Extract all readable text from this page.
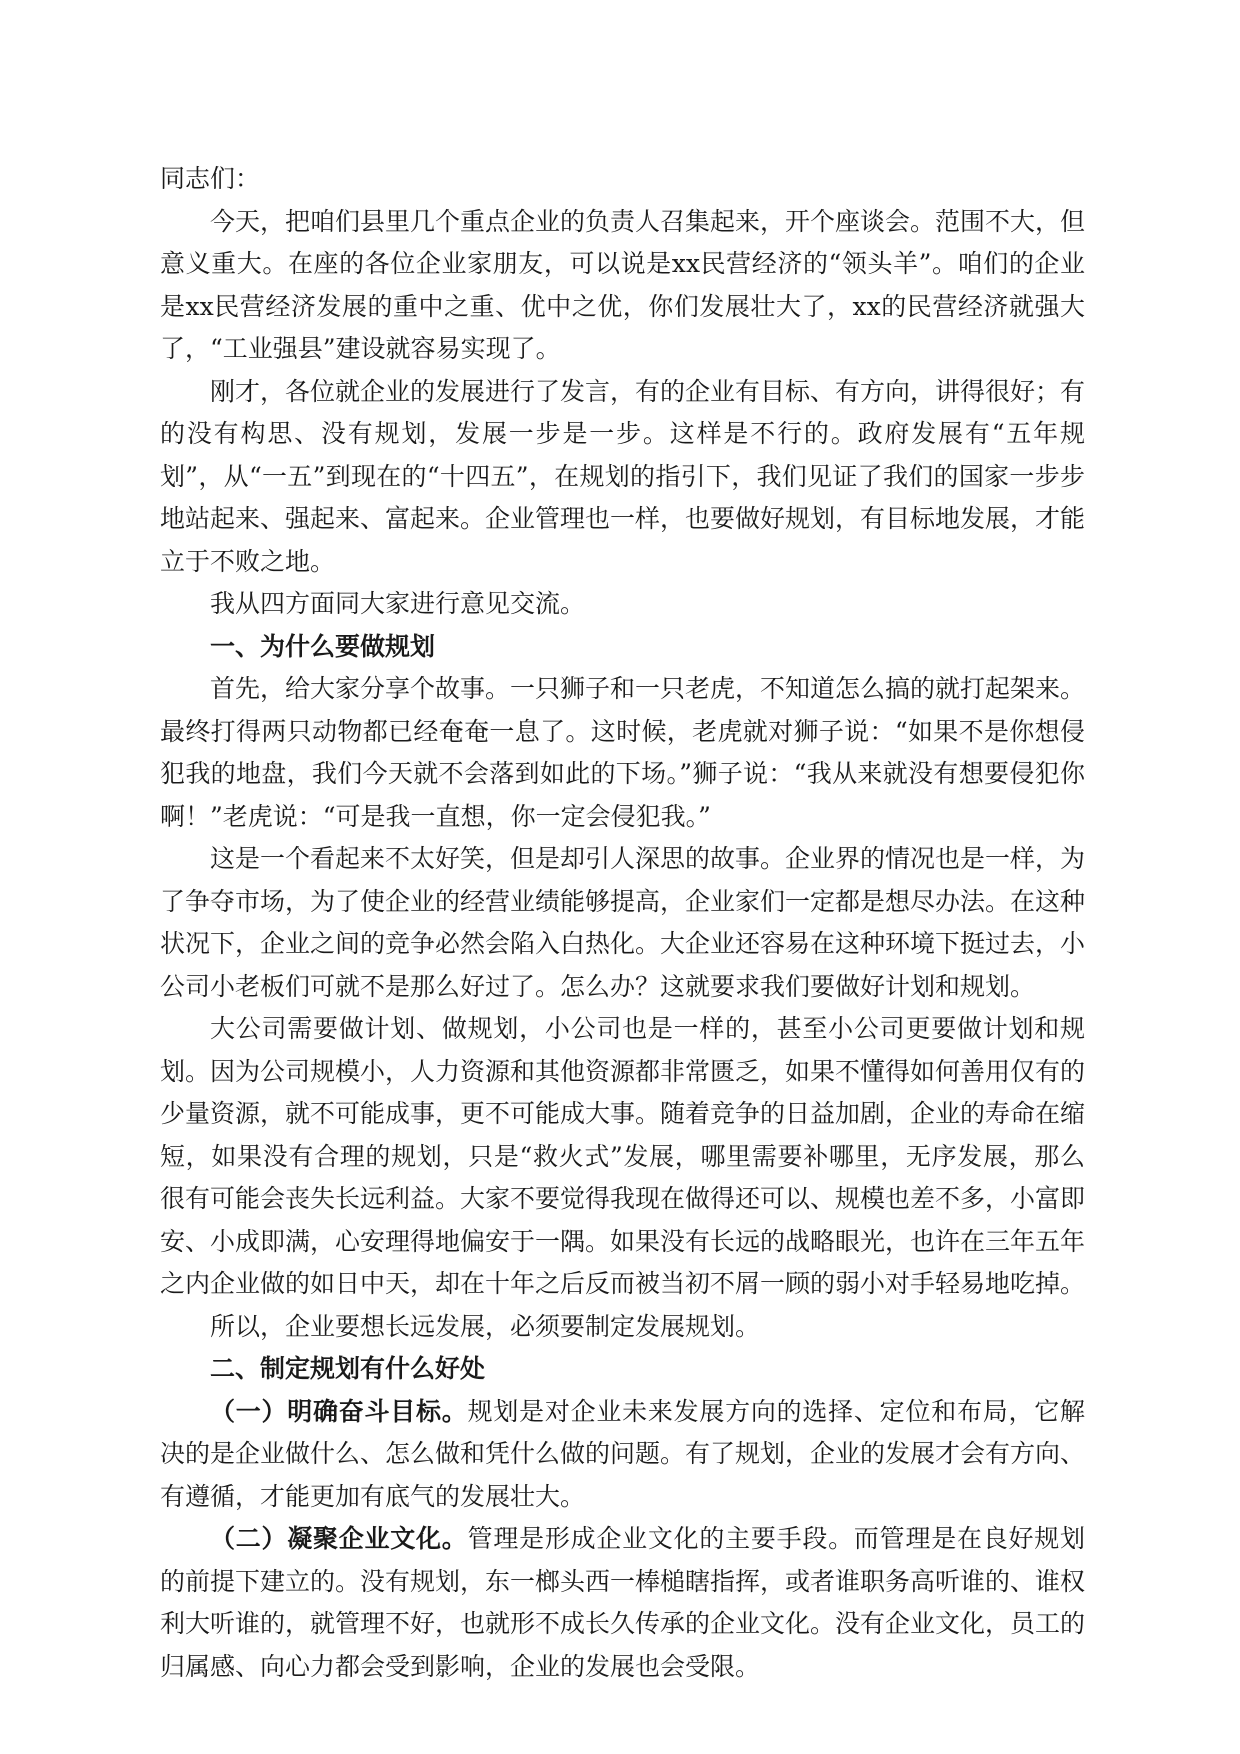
同志们：

今天，把咱们县里几个重点企业的负责人召集起来，开个座谈会。范围不大，但意义重大。在座的各位企业家朋友，可以说是xx民营经济的“领头羊”。咱们的企业是xx民营经济发展的重中之重、优中之优，你们发展壮大了，xx的民营经济就强大了，“工业强县”建设就容易实现了。

刚才，各位就企业的发展进行了发言，有的企业有目标、有方向，讲得很好；有的没有构思、没有规划，发展一步是一步。这样是不行的。政府发展有“五年规划”，从“一五”到现在的“十四五”，在规划的指引下，我们见证了我们的国家一步步地站起来、强起来、富起来。企业管理也一样，也要做好规划，有目标地发展，才能立于不败之地。

我从四方面同大家进行意见交流。

一、为什么要做规划

首先，给大家分享个故事。一只狮子和一只老虎，不知道怎么搞的就打起架来。最终打得两只动物都已经奄奄一息了。这时候，老虎就对狮子说：“如果不是你想侵犯我的地盘，我们今天就不会落到如此的下场。”狮子说：“我从来就没有想要侵犯你啊！”老虎说：“可是我一直想，你一定会侵犯我。”

这是一个看起来不太好笑，但是却引人深思的故事。企业界的情况也是一样，为了争夺市场，为了使企业的经营业绩能够提高，企业家们一定都是想尽办法。在这种状况下，企业之间的竞争必然会陷入白热化。大企业还容易在这种环境下挺过去，小公司小老板们可就不是那么好过了。怎么办？这就要求我们要做好计划和规划。

大公司需要做计划、做规划，小公司也是一样的，甚至小公司更要做计划和规划。因为公司规模小，人力资源和其他资源都非常匮乏，如果不懂得如何善用仅有的少量资源，就不可能成事，更不可能成大事。随着竞争的日益加剧，企业的寿命在缩短，如果没有合理的规划，只是“救火式”发展，哪里需要补哪里，无序发展，那么很有可能会丧失长远利益。大家不要觉得我现在做得还可以、规模也差不多，小富即安、小成即满，心安理得地偏安于一隅。如果没有长远的战略眼光，也许在三年五年之内企业做的如日中天，却在十年之后反而被当初不屑一顾的弱小对手轻易地吃掉。

所以，企业要想长远发展，必须要制定发展规划。

二、制定规划有什么好处

（一）明确奋斗目标。规划是对企业未来发展方向的选择、定位和布局，它解决的是企业做什么、怎么做和凭什么做的问题。有了规划，企业的发展才会有方向、有遵循，才能更加有底气的发展壮大。

（二）凝聚企业文化。管理是形成企业文化的主要手段。而管理是在良好规划的前提下建立的。没有规划，东一榔头西一棒槌瞎指挥，或者谁职务高听谁的、谁权利大听谁的，就管理不好，也就形不成长久传承的企业文化。没有企业文化，员工的归属感、向心力都会受到影响，企业的发展也会受限。
